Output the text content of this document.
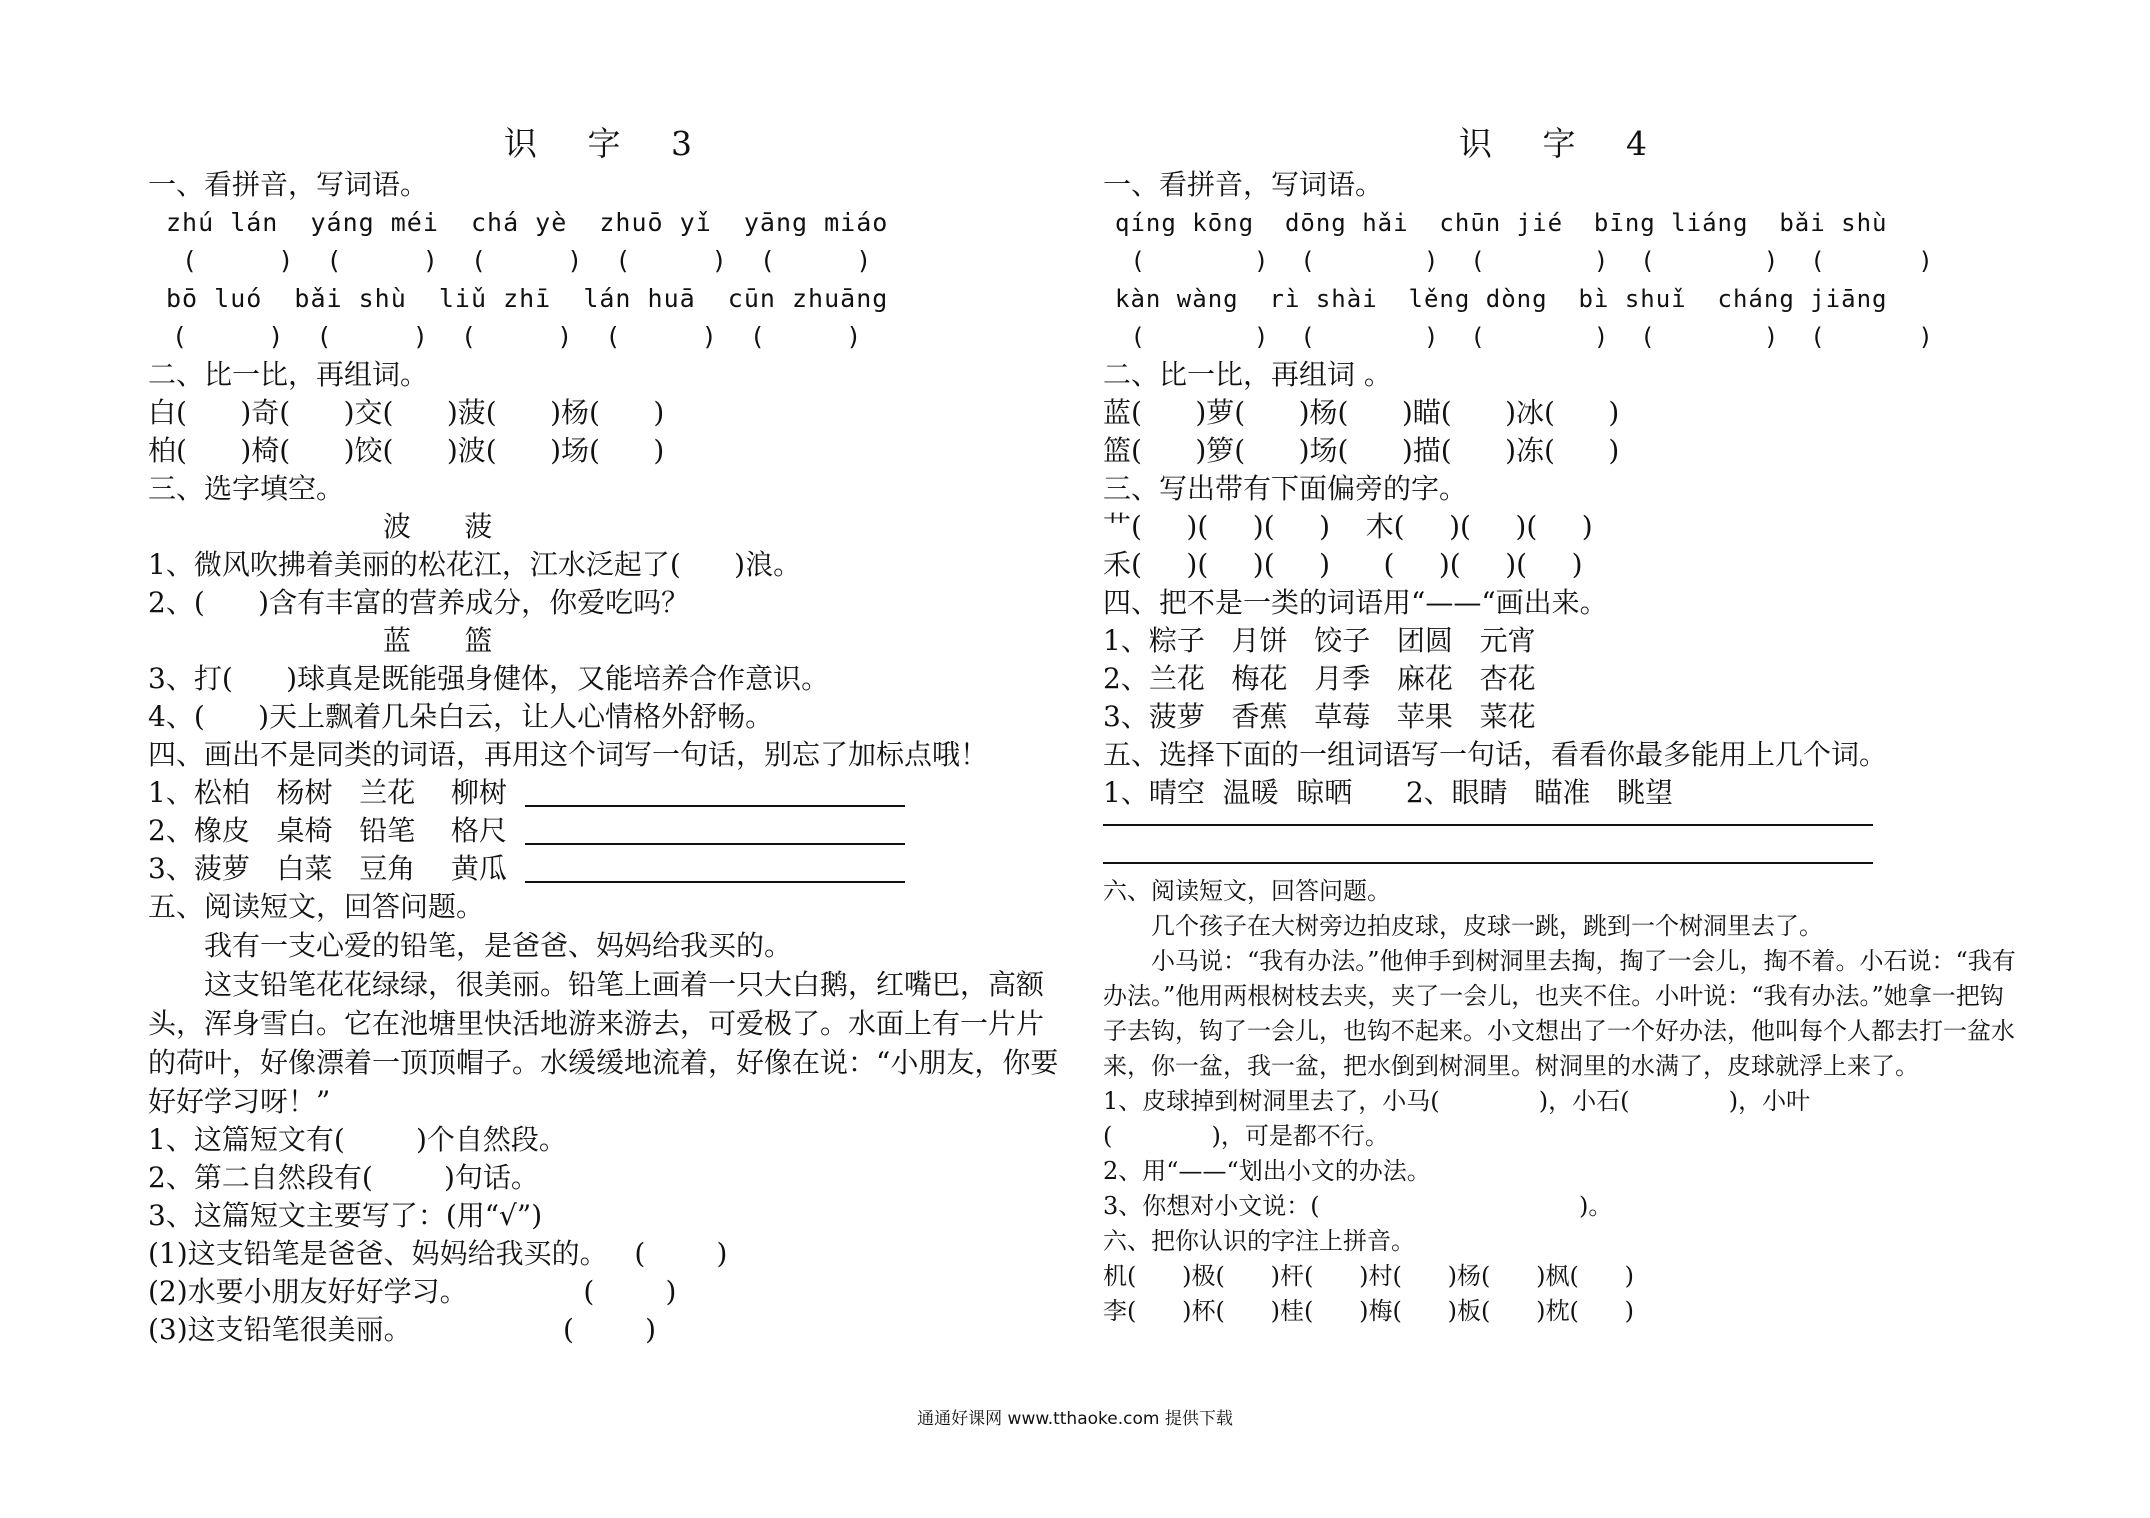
识 字 3
一、看拼音，写词语。
zhú lán  yáng méi  chá yè  zhuō yǐ  yāng miáo
(     )  (     )  (     )  (     )  (     )
bō luó  bǎi shù  liǔ zhī  lán huā  cūn zhuāng
(     )  (     )  (     )  (     )  (     )
二、比一比，再组词。
白(      )奇(      )交(      )菠(      )杨(      )
柏(      )椅(      )饺(      )波(      )场(      )
三、选字填空。
波      菠
1、微风吹拂着美丽的松花江，江水泛起了(      )浪。
2、(      )含有丰富的营养成分，你爱吃吗？
蓝      篮
3、打(      )球真是既能强身健体，又能培养合作意识。
4、(      )天上飘着几朵白云，让人心情格外舒畅。
四、画出不是同类的词语，再用这个词写一句话，别忘了加标点哦！
1、松柏   杨树   兰花    柳树
2、橡皮   桌椅   铅笔    格尺
3、菠萝   白菜   豆角    黄瓜
五、阅读短文，回答问题。
我有一支心爱的铅笔，是爸爸、妈妈给我买的。
这支铅笔花花绿绿，很美丽。铅笔上画着一只大白鹅，红嘴巴，高额头，浑身雪白。它在池塘里快活地游来游去，可爱极了。水面上有一片片的荷叶，好像漂着一顶顶帽子。水缓缓地流着，好像在说：“小朋友，你要好好学习呀！”
1、这篇短文有(        )个自然段。
2、第二自然段有(        )句话。
3、这篇短文主要写了：(用“√”)
(1)这支铅笔是爸爸、妈妈给我买的。   (        )
(2)水要小朋友好好学习。             (        )
(3)这支铅笔很美丽。                 (        )
识 字 4
一、看拼音，写词语。
qíng kōng  dōng hǎi  chūn jié  bīng liáng  bǎi shù
(       )  (       )  (       )  (       )  (      )
kàn wàng  rì shài  lěng dòng  bì shuǐ  cháng jiāng
(       )  (       )  (       )  (       )  (      )
二、比一比，再组词 。
蓝(      )萝(      )杨(      )瞄(      )冰(      )
篮(      )箩(      )场(      )描(      )冻(      )
三、写出带有下面偏旁的字。
艹(     )(     )(     )    木(     )(     )(     )
禾(     )(     )(     )      (     )(     )(     )
四、把不是一类的词语用“——“画出来。
1、粽子   月饼   饺子   团圆   元宵
2、兰花   梅花   月季   麻花   杏花
3、菠萝   香蕉   草莓   苹果   菜花
五、选择下面的一组词语写一句话，看看你最多能用上几个词。
1、晴空  温暖  晾晒      2、眼睛   瞄准   眺望
六、阅读短文，回答问题。
几个孩子在大树旁边拍皮球，皮球一跳，跳到一个树洞里去了。
小马说：“我有办法。”他伸手到树洞里去掏，掏了一会儿，掏不着。小石说：“我有办法。”他用两根树枝去夹，夹了一会儿，也夹不住。小叶说：“我有办法。”她拿一把钩子去钩，钩了一会儿，也钩不起来。小文想出了一个好办法，他叫每个人都去打一盆水来，你一盆，我一盆，把水倒到树洞里。树洞里的水满了，皮球就浮上来了。
1、皮球掉到树洞里去了，小马(             )，小石(             )，小叶
(             )，可是都不行。
2、用“——“划出小文的办法。
3、你想对小文说：(                                  )。
六、把你认识的字注上拼音。
机(      )极(      )杆(      )村(      )杨(      )枫(      )
李(      )杯(      )桂(      )梅(      )板(      )枕(      )
通通好课网 www.tthaoke.com 提供下载
